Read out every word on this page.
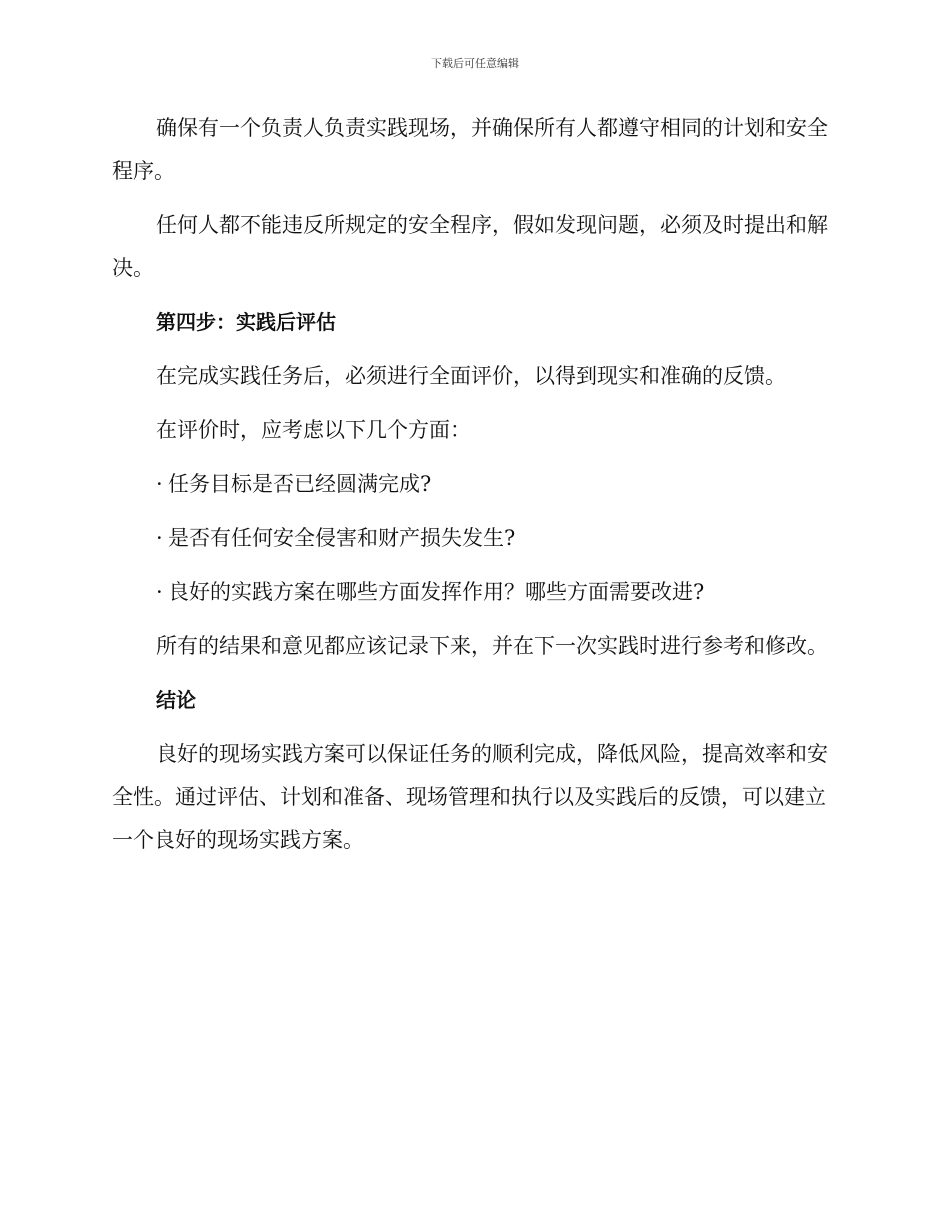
下载后可任意编辑
确保有一个负责人负责实践现场，并确保所有人都遵守相同的计划和安全程序。
任何人都不能违反所规定的安全程序，假如发现问题，必须及时提出和解决。
第四步：实践后评估
在完成实践任务后，必须进行全面评价，以得到现实和准确的反馈。
在评价时，应考虑以下几个方面：
· 任务目标是否已经圆满完成?
· 是否有任何安全侵害和财产损失发生?
· 良好的实践方案在哪些方面发挥作用？哪些方面需要改进?
所有的结果和意见都应该记录下来，并在下一次实践时进行参考和修改。
结论
良好的现场实践方案可以保证任务的顺利完成，降低风险，提高效率和安全性。通过评估、计划和准备、现场管理和执行以及实践后的反馈，可以建立一个良好的现场实践方案。
